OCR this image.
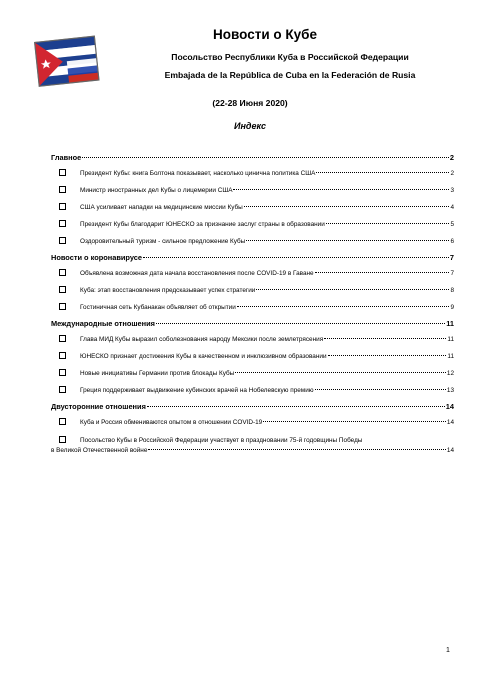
Новости о Кубе

Посольство Республики Куба в Российской Федерации

Embajada de la República de Cuba en la Federación de Rusia

(22-28 Июня 2020)

Индекс

Главное	2
Президент Кубы: книга Болтона показывает, насколько цинична политика США	2
Министр иностранных дел Кубы о лицемерии США	3
США усиливает нападки на медицинские миссии Кубы	4
Президент Кубы благодарит ЮНЕСКО за признание заслуг страны в образовании	5
Оздоровительный туризм - сильное предложение Кубы	6
Новости о коронавирусе	7
Объявлена возможная дата начала восстановления после COVID-19 в Гаване	7
Куба: этап восстановления предсказывает успех стратегии	8
Гостиничная сеть Кубанакан объявляет об открытии	9
Международные отношения	11
Глава МИД Кубы выразил соболезнования народу Мексики после землетрясения	11
ЮНЕСКО признает достижения Кубы в качественном и инклюзивном образовании	11
Новые инициативы Германии против блокады Кубы	12
Греция поддерживает выдвижение кубинских врачей на Нобелевскую премию	13
Двусторонние отношения	14
Куба и Россия обмениваются опытом в отношении COVID-19	14
Посольство Кубы в Российской Федерации участвует в праздновании 75-й годовщины Победы
в Великой Отечественной войне	14

1
